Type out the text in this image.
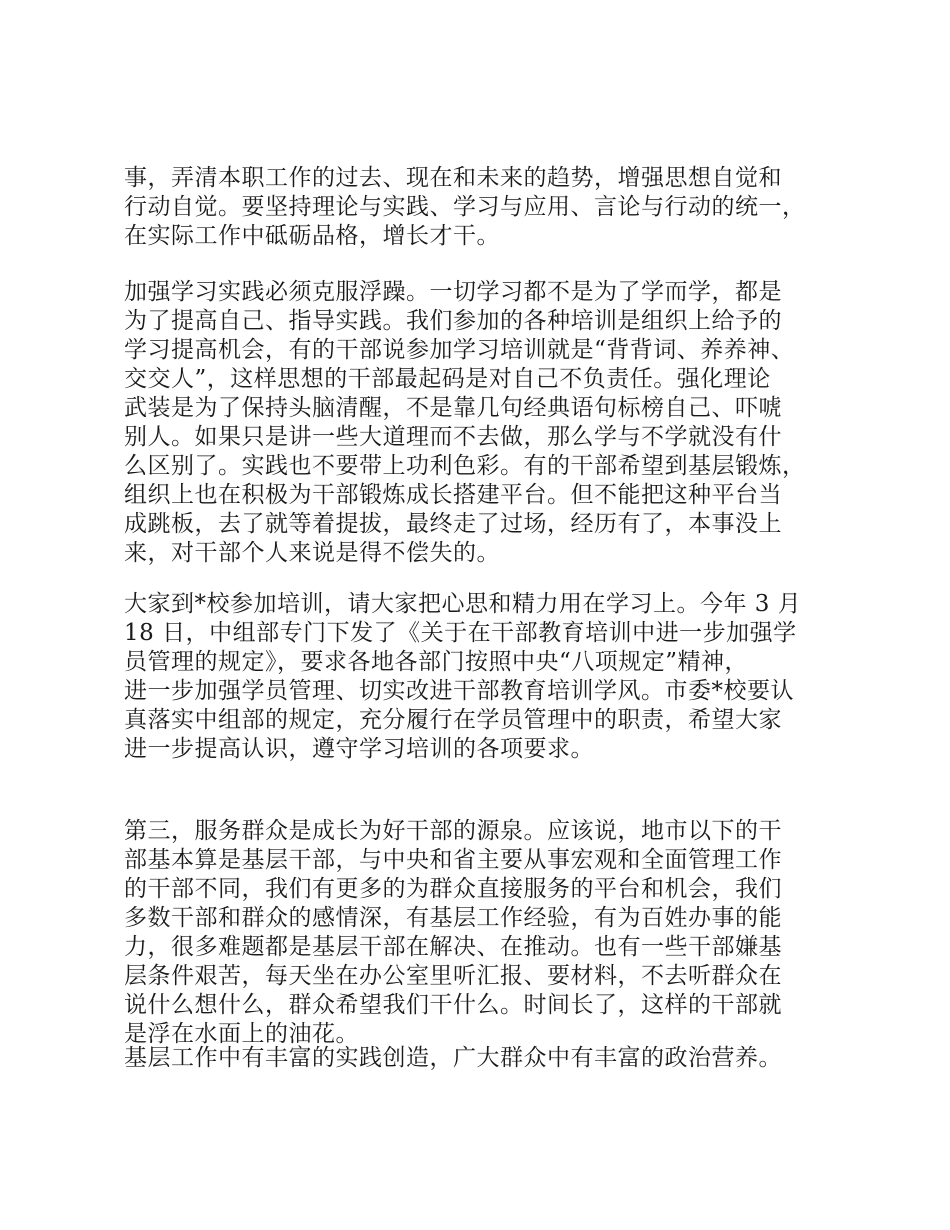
事，弄清本职工作的过去、现在和未来的趋势，增强思想自觉和
行动自觉。要坚持理论与实践、学习与应用、言论与行动的统一，
在实际工作中砥砺品格，增长才干。
加强学习实践必须克服浮躁。一切学习都不是为了学而学，都是
为了提高自己、指导实践。我们参加的各种培训是组织上给予的
学习提高机会，有的干部说参加学习培训就是“背背词、养养神、
交交人”，这样思想的干部最起码是对自己不负责任。强化理论
武装是为了保持头脑清醒，不是靠几句经典语句标榜自己、吓唬
别人。如果只是讲一些大道理而不去做，那么学与不学就没有什
么区别了。实践也不要带上功利色彩。有的干部希望到基层锻炼，
组织上也在积极为干部锻炼成长搭建平台。但不能把这种平台当
成跳板，去了就等着提拔，最终走了过场，经历有了，本事没上
来，对干部个人来说是得不偿失的。
大家到*校参加培训，请大家把心思和精力用在学习上。今年 3 月
18 日，中组部专门下发了《关于在干部教育培训中进一步加强学
员管理的规定》，要求各地各部门按照中央“八项规定”精神，
进一步加强学员管理、切实改进干部教育培训学风。市委*校要认
真落实中组部的规定，充分履行在学员管理中的职责，希望大家
进一步提高认识，遵守学习培训的各项要求。
第三，服务群众是成长为好干部的源泉。应该说，地市以下的干
部基本算是基层干部，与中央和省主要从事宏观和全面管理工作
的干部不同，我们有更多的为群众直接服务的平台和机会，我们
多数干部和群众的感情深，有基层工作经验，有为百姓办事的能
力，很多难题都是基层干部在解决、在推动。也有一些干部嫌基
层条件艰苦，每天坐在办公室里听汇报、要材料，不去听群众在
说什么想什么，群众希望我们干什么。时间长了，这样的干部就
是浮在水面上的油花。
基层工作中有丰富的实践创造，广大群众中有丰富的政治营养。
